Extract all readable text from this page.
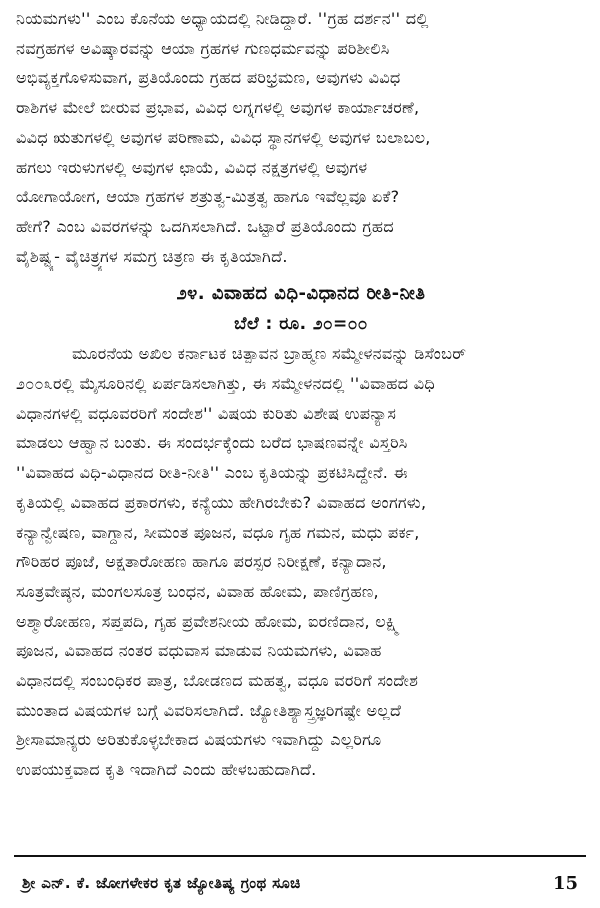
ನಿಯಮಗಳು'' ಎಂಬ ಕೊನೆಯ ಅಧ್ಯಾಯದಲ್ಲಿ ನೀಡಿದ್ದಾರೆ. ''ಗ್ರಹ ದರ್ಶನ'' ದಲ್ಲಿ
ನವಗ್ರಹಗಳ ಅವಿಷ್ಕಾರವನ್ನು ಆಯಾ ಗ್ರಹಗಳ ಗುಣಧರ್ಮವನ್ನು ಪರಿಶೀಲಿಸಿ
ಅಭಿವ್ಯಕ್ತಗೊಳಿಸುವಾಗ, ಪ್ರತಿಯೊಂದು ಗ್ರಹದ ಪರಿಭ್ರಮಣ, ಅವುಗಳು ವಿವಿಧ
ರಾಶಿಗಳ ಮೇಲೆ ಬೀರುವ ಪ್ರಭಾವ, ವಿವಿಧ ಲಗ್ನಗಳಲ್ಲಿ ಅವುಗಳ ಕಾರ್ಯಾಚರಣೆ,
ವಿವಿಧ ಋತುಗಳಲ್ಲಿ ಅವುಗಳ ಪರಿಣಾಮ, ವಿವಿಧ ಸ್ಥಾನಗಳಲ್ಲಿ ಅವುಗಳ ಬಲಾಬಲ,
ಹಗಲು ಇರುಳುಗಳಲ್ಲಿ ಅವುಗಳ ಛಾಯೆ, ವಿವಿಧ ನಕ್ಷತ್ರಗಳಲ್ಲಿ ಅವುಗಳ
ಯೋಗಾಯೋಗ, ಆಯಾ ಗ್ರಹಗಳ ಶತ್ರುತ್ವ-ಮಿತ್ರತ್ವ ಹಾಗೂ ಇವೆಲ್ಲವೂ ಏಕೆ?
ಹೇಗೆ? ಎಂಬ ವಿವರಗಳನ್ನು ಒದಗಿಸಲಾಗಿದೆ. ಒಟ್ಟಾರೆ ಪ್ರತಿಯೊಂದು ಗ್ರಹದ
ವೈಶಿಷ್ಟ್ಯ- ವೈಚಿತ್ರ್ಯಗಳ ಸಮಗ್ರ ಚಿತ್ರಣ ಈ ಕೃತಿಯಾಗಿದೆ.
೨೪. ವಿವಾಹದ ವಿಧಿ-ವಿಧಾನದ ರೀತಿ-ನೀತಿ
ಬೆಲೆ : ರೂ. ೨೦=೦೦
ಮೂರನೆಯ ಅಖಿಲ ಕರ್ನಾಟಕ ಚಿತ್ಪಾವನ ಬ್ರಾಹ್ಮಣ ಸಮ್ಮೇಳನವನ್ನು ಡಿಸೆಂಬರ್
೨೦೦೩ರಲ್ಲಿ ಮೈಸೂರಿನಲ್ಲಿ ಏರ್ಪಡಿಸಲಾಗಿತ್ತು, ಈ ಸಮ್ಮೇಳನದಲ್ಲಿ ''ವಿವಾಹದ ವಿಧಿ
ವಿಧಾನಗಳಲ್ಲಿ ವಧೂವರರಿಗೆ ಸಂದೇಶ'' ವಿಷಯ ಕುರಿತು ವಿಶೇಷ ಉಪನ್ಯಾಸ
ಮಾಡಲು ಆಹ್ವಾನ ಬಂತು. ಈ ಸಂದರ್ಭಕ್ಕೆಂದು ಬರೆದ ಭಾಷಣವನ್ನೇ ವಿಸ್ತರಿಸಿ
''ವಿವಾಹದ ವಿಧಿ-ವಿಧಾನದ ರೀತಿ-ನೀತಿ'' ಎಂಬ ಕೃತಿಯನ್ನು ಪ್ರಕಟಿಸಿದ್ದೇನೆ. ಈ
ಕೃತಿಯಲ್ಲಿ ವಿವಾಹದ ಪ್ರಕಾರಗಳು, ಕನ್ಯೆಯು ಹೇಗಿರಬೇಕು? ವಿವಾಹದ ಅಂಗಗಳು,
ಕನ್ಯಾನ್ವೇಷಣ, ವಾಗ್ದಾನ, ಸೀಮಂತ ಪೂಜನ, ವಧೂ ಗೃಹ ಗಮನ, ಮಧು ಪರ್ಕ,
ಗೌರಿಹರ ಪೂಜೆ, ಅಕ್ಷತಾರೋಹಣ ಹಾಗೂ ಪರಸ್ಪರ ನಿರೀಕ್ಷಣೆ, ಕನ್ಯಾದಾನ,
ಸೂತ್ರವೇಷ್ಠನ, ಮಂಗಲಸೂತ್ರ ಬಂಧನ, ವಿವಾಹ ಹೋಮ, ಪಾಣಿಗ್ರಹಣ,
ಅಶ್ಮಾರೋಹಣ, ಸಪ್ತಪದಿ, ಗೃಹ ಪ್ರವೇಶನೀಯ ಹೋಮ, ಐರಣಿದಾನ, ಲಕ್ಷ್ಮಿ
ಪೂಜನ, ವಿವಾಹದ ನಂತರ ವಧುವಾಸ ಮಾಡುವ ನಿಯಮಗಳು, ವಿವಾಹ
ವಿಧಾನದಲ್ಲಿ ಸಂಬಂಧಿಕರ ಪಾತ್ರ, ಬೋಡಣದ ಮಹತ್ವ, ವಧೂ ವರರಿಗೆ ಸಂದೇಶ
ಮುಂತಾದ ವಿಷಯಗಳ ಬಗ್ಗೆ ವಿವರಿಸಲಾಗಿದೆ. ಜ್ಯೋತಿಶ್ಯಾಸ್ತ್ರಜ್ಞರಿಗಷ್ಟೇ ಅಲ್ಲದೆ
ಶ್ರೀಸಾಮಾನ್ಯರು ಅರಿತುಕೊಳ್ಳಬೇಕಾದ ವಿಷಯಗಳು ಇವಾಗಿದ್ದು ಎಲ್ಲರಿಗೂ
ಉಪಯುಕ್ತವಾದ ಕೃತಿ ಇದಾಗಿದೆ ಎಂದು ಹೇಳಬಹುದಾಗಿದೆ.
ಶ್ರೀ ಎನ್. ಕೆ. ಜೋಗಳೇಕರ ಕೃತ ಜ್ಯೋತಿಷ್ಯ ಗ್ರಂಥ ಸೂಚಿ	15
